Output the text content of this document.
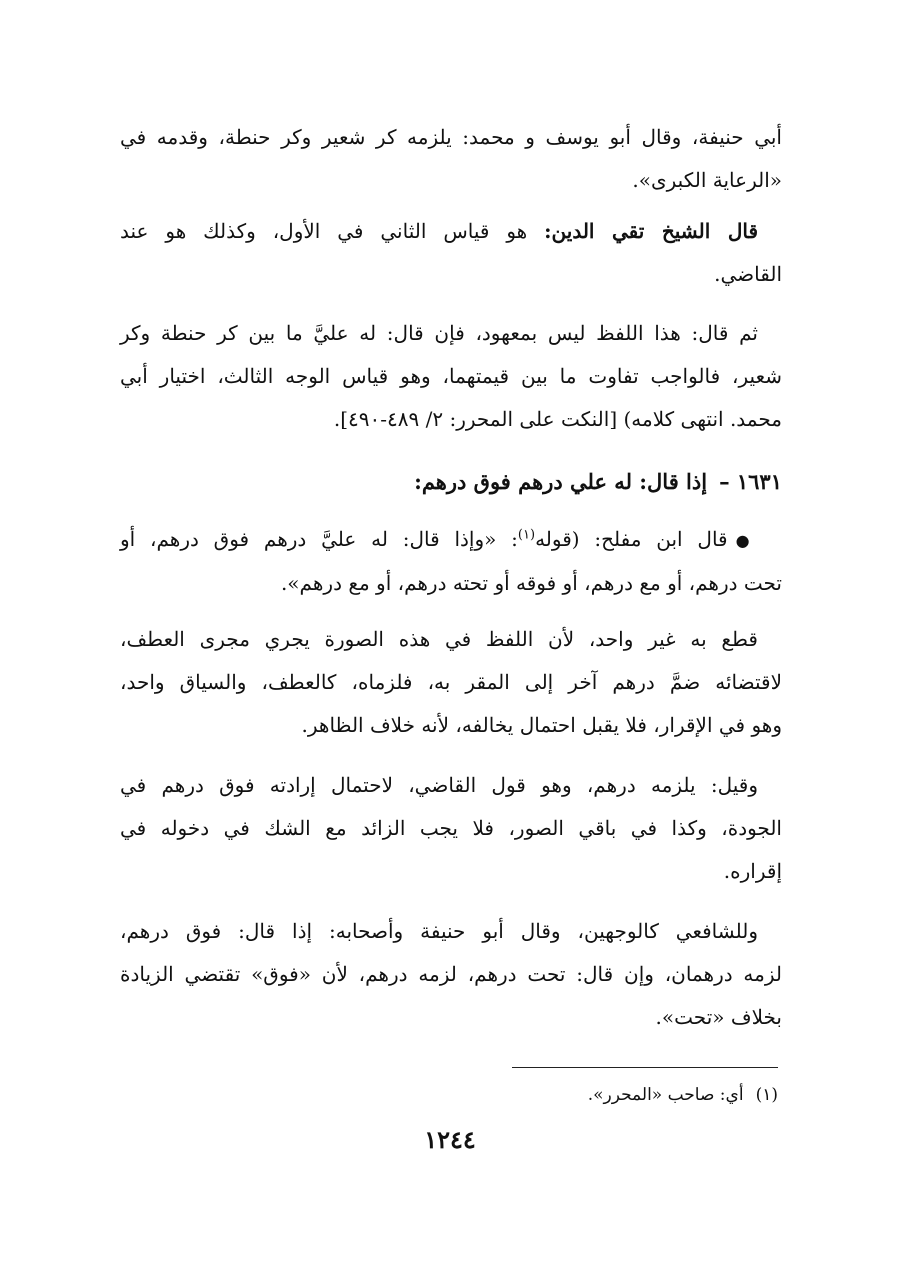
أبي حنيفة، وقال أبو يوسف و محمد: يلزمه كر شعير وكر حنطة، وقدمه في
«الرعاية الكبرى».
قال الشيخ تقي الدين: هو قياس الثاني في الأول، وكذلك هو عند
القاضي.
ثم قال: هذا اللفظ ليس بمعهود، فإن قال: له عليَّ ما بين كر حنطة وكر
شعير، فالواجب تفاوت ما بين قيمتهما، وهو قياس الوجه الثالث، اختيار أبي
محمد. انتهى كلامه) [النكت على المحرر: ٢/ ٤٨٩-٤٩٠].
١٦٣١ –إذا قال: له علي درهم فوق درهم:
●قال ابن مفلح: (قوله$^{(١)}$: «وإذا قال: له عليَّ درهم فوق درهم، أو
تحت درهم، أو مع درهم، أو فوقه أو تحته درهم، أو مع درهم».
قطع به غير واحد، لأن اللفظ في هذه الصورة يجري مجرى العطف،
لاقتضائه ضمَّ درهم آخر إلى المقر به، فلزماه، كالعطف، والسياق واحد،
وهو في الإقرار، فلا يقبل احتمال يخالفه، لأنه خلاف الظاهر.
وقيل: يلزمه درهم، وهو قول القاضي، لاحتمال إرادته فوق درهم في
الجودة، وكذا في باقي الصور، فلا يجب الزائد مع الشك في دخوله في
إقراره.
وللشافعي كالوجهين، وقال أبو حنيفة وأصحابه: إذا قال: فوق درهم،
لزمه درهمان، وإن قال: تحت درهم، لزمه درهم، لأن «فوق» تقتضي الزيادة
بخلاف «تحت».
(١)أي: صاحب «المحرر».
١٢٤٤
